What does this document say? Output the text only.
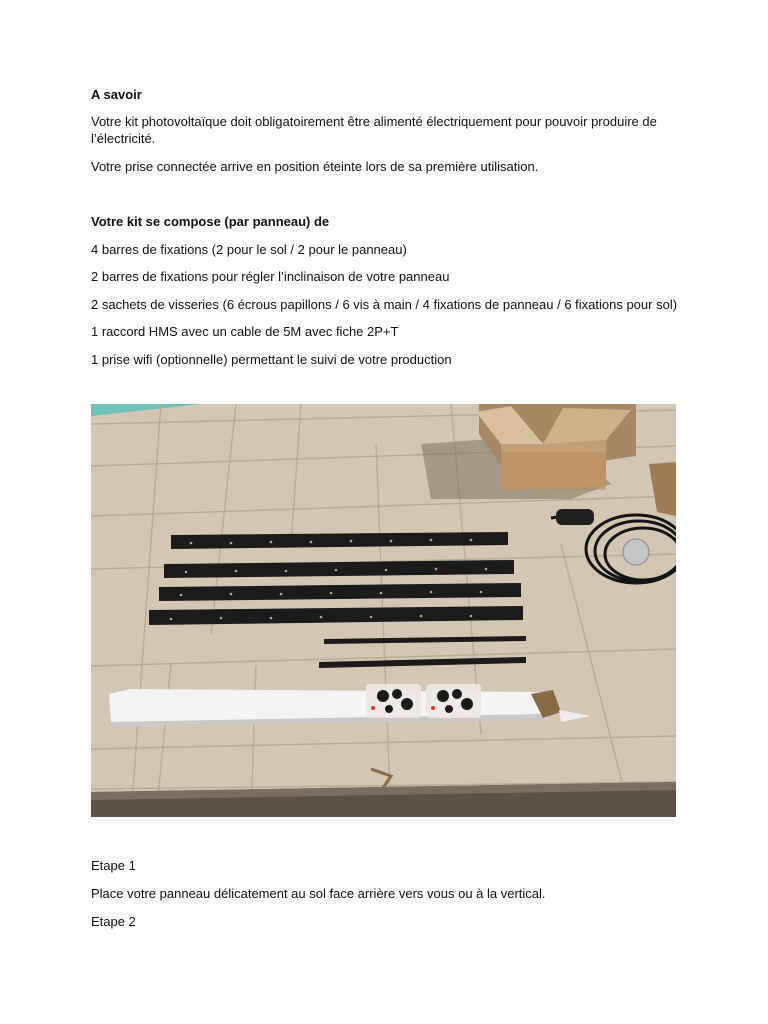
A savoir
Votre kit photovoltaïque doit obligatoirement être alimenté électriquement pour pouvoir produire de l’électricité.
Votre prise connectée arrive en position éteinte lors de sa première utilisation.
Votre kit se compose (par panneau) de
4 barres de fixations (2 pour le sol / 2 pour le panneau)
2 barres de fixations pour régler l’inclinaison de votre panneau
2 sachets de visseries (6 écrous papillons / 6 vis à main / 4 fixations de panneau / 6 fixations pour sol)
1 raccord HMS avec un cable de 5M avec fiche 2P+T
1 prise wifi (optionnelle) permettant le suivi de votre production
Etape 1
Place votre panneau délicatement au sol face arrière vers vous ou à la vertical.
Etape 2
